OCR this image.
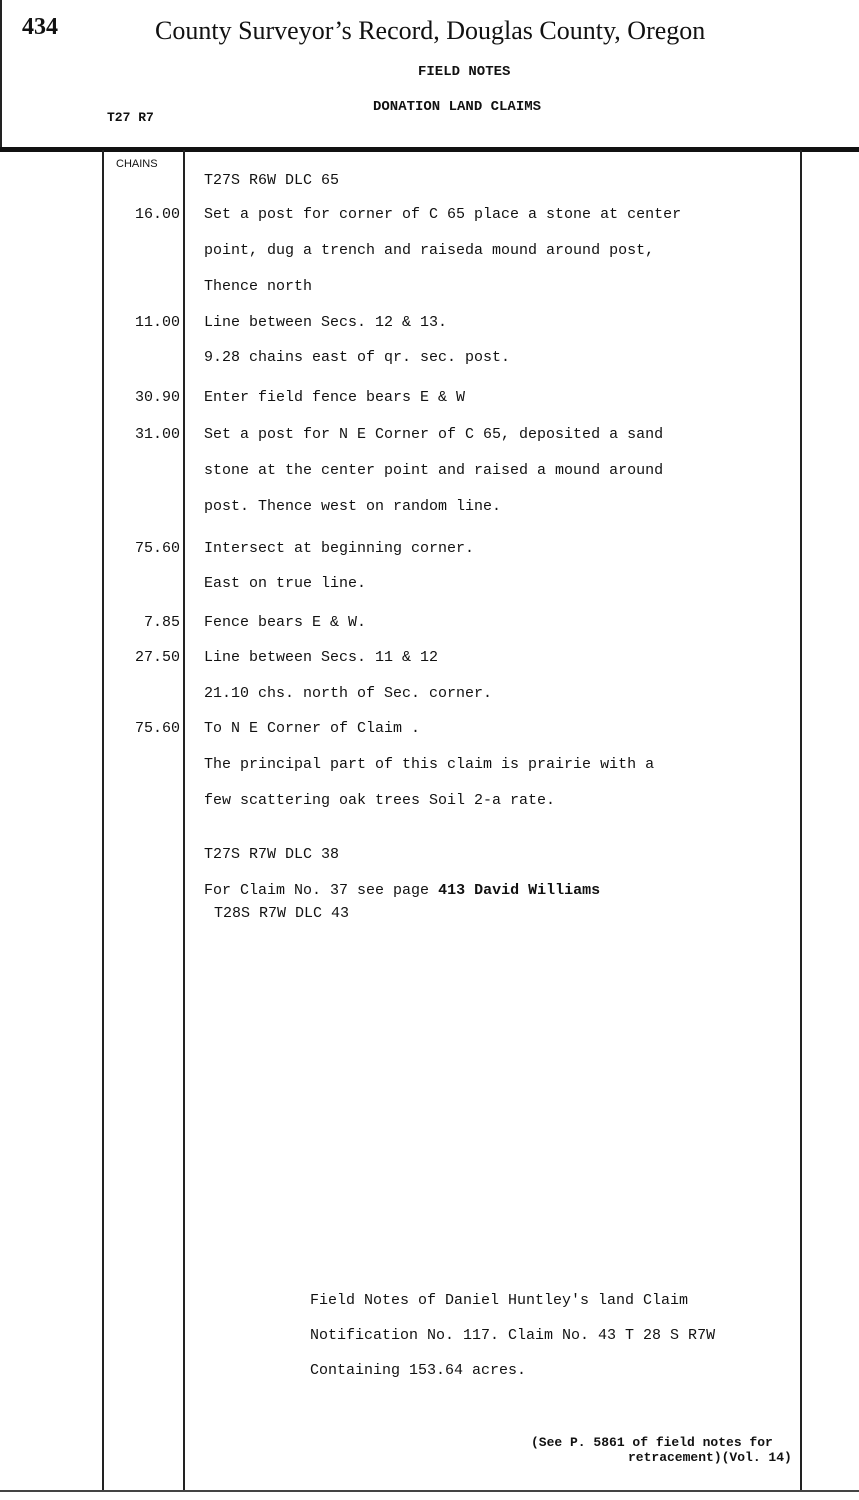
434	County Surveyor’s Record, Douglas County, Oregon
FIELD NOTES
DONATION LAND CLAIMS
T27 R7
CHAINS
16.00
11.00
30.90
31.00
75.60
7.85
27.50
75.60
T27S R6W DLC 65
Set a post for corner of C 65 place a stone at center
point, dug a trench and raiseda mound around post,
Thence north
Line between Secs. 12 & 13.
9.28 chains east of qr. sec. post.
Enter field fence bears E & W
Set a post for N E Corner of C 65, deposited a sand
stone at the center point and raised a mound around
post. Thence west on random line.
Intersect at beginning corner.
East on true line.
Fence bears E & W.
Line between Secs. 11 & 12
21.10 chs. north of Sec. corner.
To N E Corner of Claim .
The principal part of this claim is prairie with a
few scattering oak trees Soil 2-a rate.
T27S R7W DLC 38
For Claim No. 37 see page 413 David Williams
T28S R7W DLC 43
Field Notes of Daniel Huntley's land Claim
Notification No. 117. Claim No. 43 T 28 S R7W
Containing 153.64 acres.
(See P. 5861 of field notes for
retracement)(Vol. 14)
